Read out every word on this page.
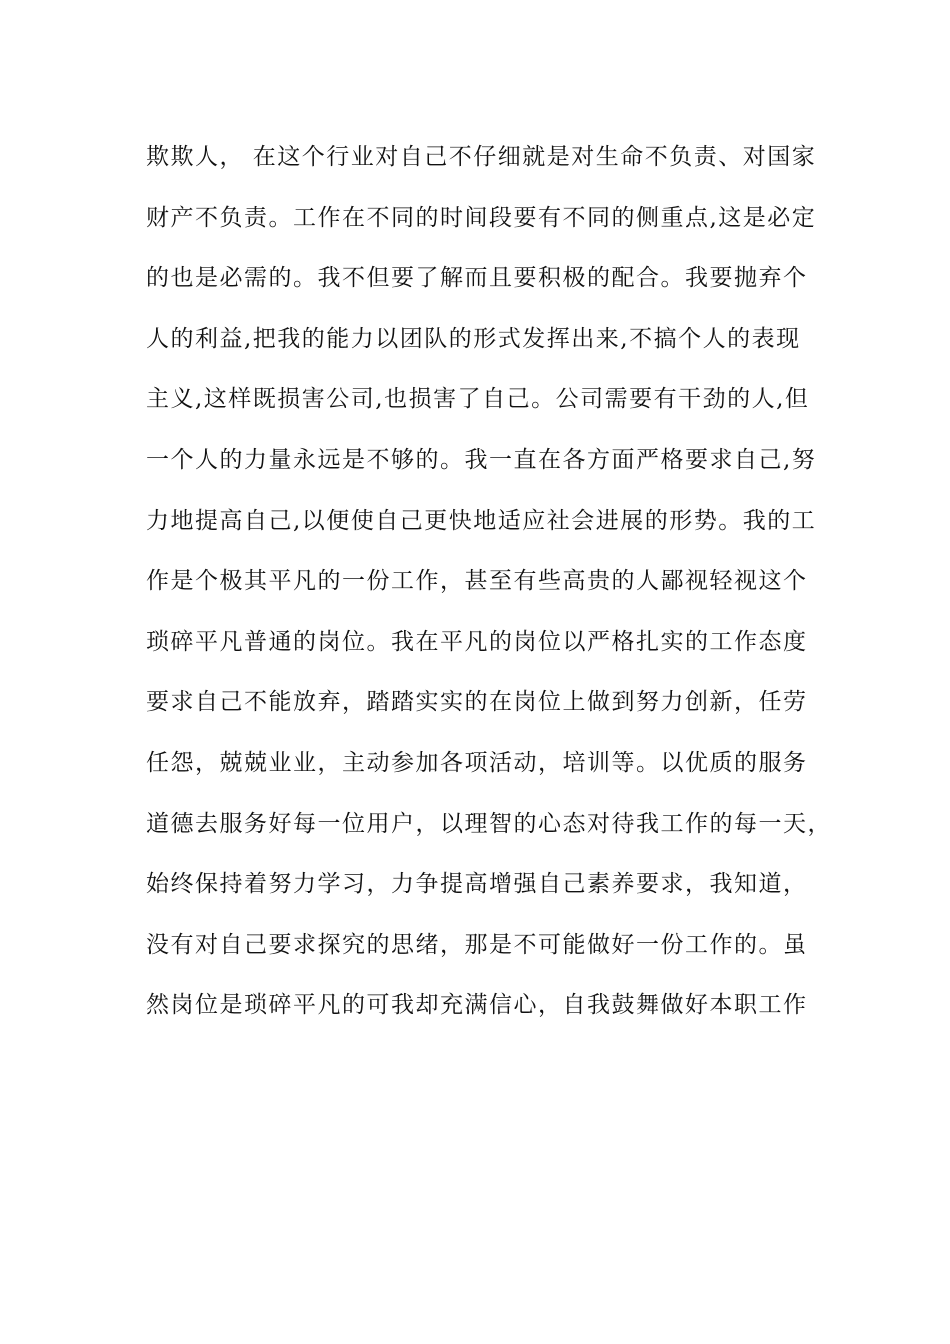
欺欺人， 在这个行业对自己不仔细就是对生命不负责、对国家
财产不负责。工作在不同的时间段要有不同的侧重点,这是必定
的也是必需的。我不但要了解而且要积极的配合。我要抛弃个
人的利益,把我的能力以团队的形式发挥出来,不搞个人的表现
主义,这样既损害公司,也损害了自己。公司需要有干劲的人,但
一个人的力量永远是不够的。我一直在各方面严格要求自己,努
力地提高自己,以便使自己更快地适应社会进展的形势。我的工
作是个极其平凡的一份工作，甚至有些高贵的人鄙视轻视这个
琐碎平凡普通的岗位。我在平凡的岗位以严格扎实的工作态度
要求自己不能放弃，踏踏实实的在岗位上做到努力创新，任劳
任怨，兢兢业业，主动参加各项活动，培训等。以优质的服务
道德去服务好每一位用户，以理智的心态对待我工作的每一天，
始终保持着努力学习，力争提高增强自己素养要求，我知道，
没有对自己要求探究的思绪，那是不可能做好一份工作的。虽
然岗位是琐碎平凡的可我却充满信心，自我鼓舞做好本职工作
